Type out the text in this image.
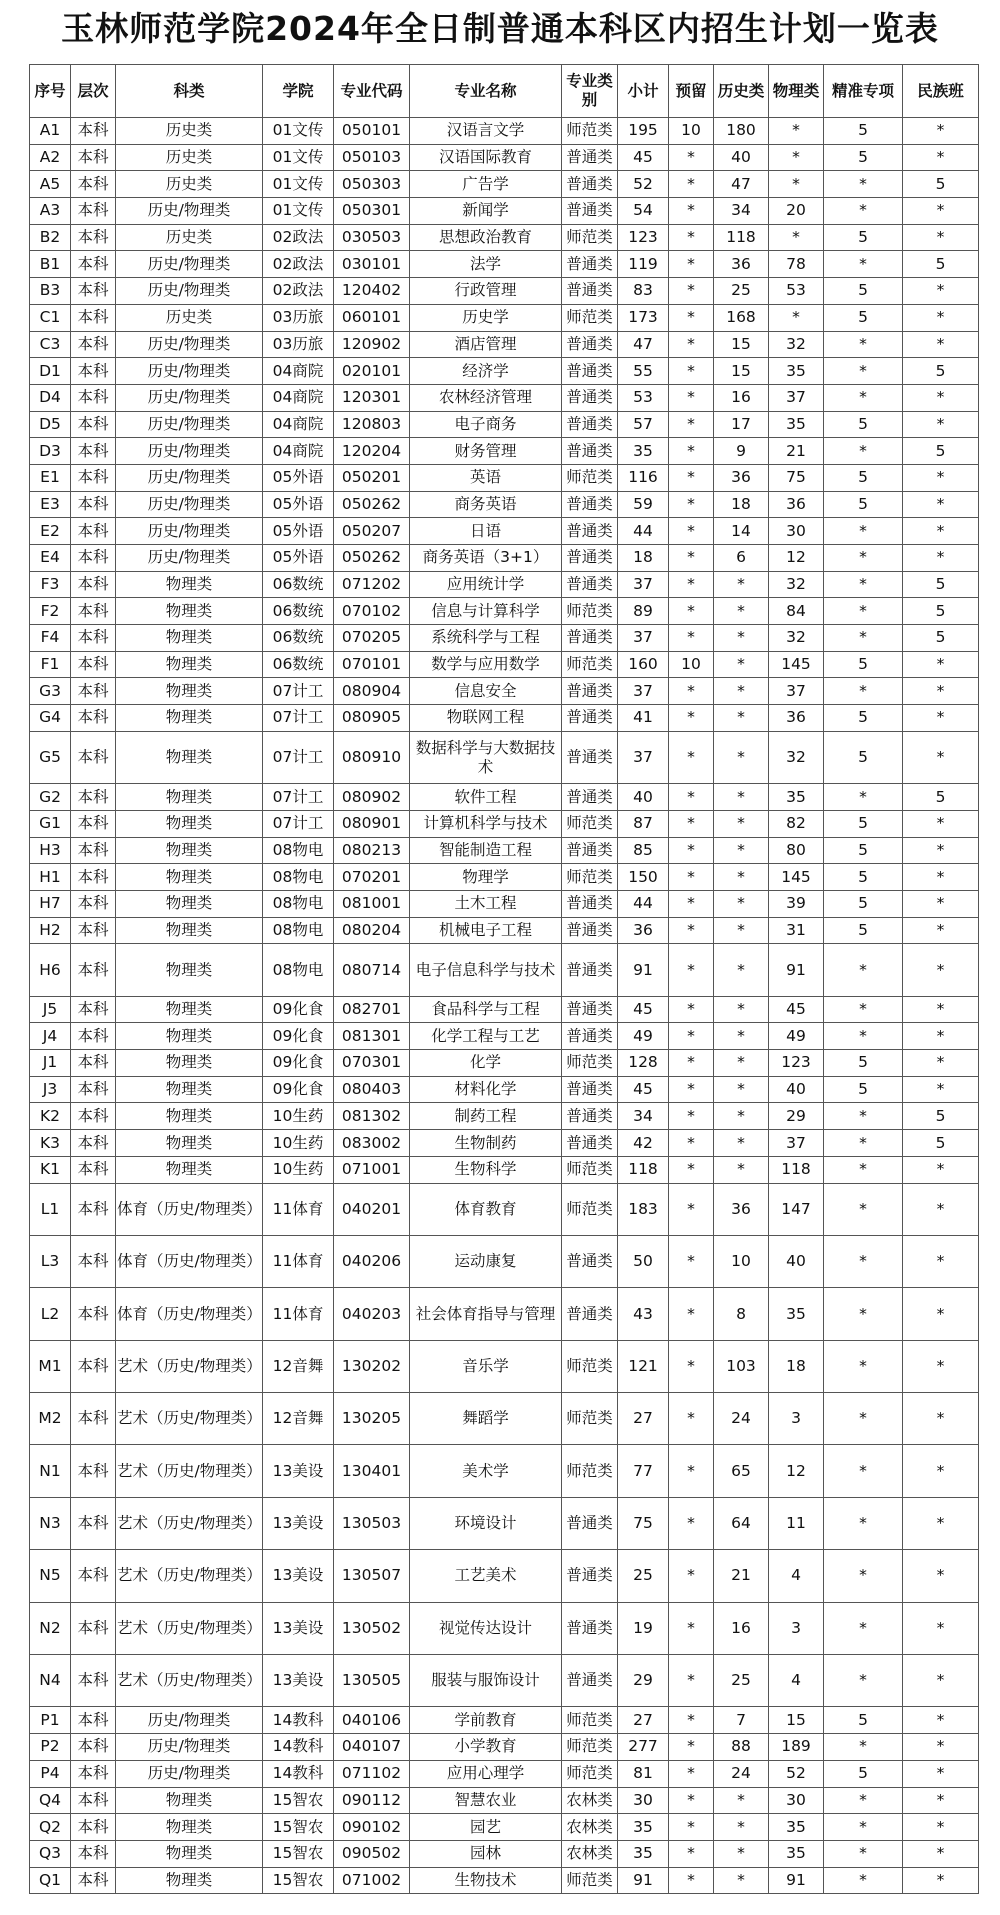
玉林师范学院2024年全日制普通本科区内招生计划一览表
序号	层次	科类	学院	专业代码	专业名称	专业类别	小计	预留	历史类	物理类	精准专项	民族班
A1	本科	历史类	01文传	050101	汉语言文学	师范类	195	10	180	*	5	*
A2	本科	历史类	01文传	050103	汉语国际教育	普通类	45	*	40	*	5	*
A5	本科	历史类	01文传	050303	广告学	普通类	52	*	47	*	*	5
A3	本科	历史/物理类	01文传	050301	新闻学	普通类	54	*	34	20	*	*
B2	本科	历史类	02政法	030503	思想政治教育	师范类	123	*	118	*	5	*
B1	本科	历史/物理类	02政法	030101	法学	普通类	119	*	36	78	*	5
B3	本科	历史/物理类	02政法	120402	行政管理	普通类	83	*	25	53	5	*
C1	本科	历史类	03历旅	060101	历史学	师范类	173	*	168	*	5	*
C3	本科	历史/物理类	03历旅	120902	酒店管理	普通类	47	*	15	32	*	*
D1	本科	历史/物理类	04商院	020101	经济学	普通类	55	*	15	35	*	5
D4	本科	历史/物理类	04商院	120301	农林经济管理	普通类	53	*	16	37	*	*
D5	本科	历史/物理类	04商院	120803	电子商务	普通类	57	*	17	35	5	*
D3	本科	历史/物理类	04商院	120204	财务管理	普通类	35	*	9	21	*	5
E1	本科	历史/物理类	05外语	050201	英语	师范类	116	*	36	75	5	*
E3	本科	历史/物理类	05外语	050262	商务英语	普通类	59	*	18	36	5	*
E2	本科	历史/物理类	05外语	050207	日语	普通类	44	*	14	30	*	*
E4	本科	历史/物理类	05外语	050262	商务英语（3+1）	普通类	18	*	6	12	*	*
F3	本科	物理类	06数统	071202	应用统计学	普通类	37	*	*	32	*	5
F2	本科	物理类	06数统	070102	信息与计算科学	师范类	89	*	*	84	*	5
F4	本科	物理类	06数统	070205	系统科学与工程	普通类	37	*	*	32	*	5
F1	本科	物理类	06数统	070101	数学与应用数学	师范类	160	10	*	145	5	*
G3	本科	物理类	07计工	080904	信息安全	普通类	37	*	*	37	*	*
G4	本科	物理类	07计工	080905	物联网工程	普通类	41	*	*	36	5	*
G5	本科	物理类	07计工	080910	数据科学与大数据技术	普通类	37	*	*	32	5	*
G2	本科	物理类	07计工	080902	软件工程	普通类	40	*	*	35	*	5
G1	本科	物理类	07计工	080901	计算机科学与技术	师范类	87	*	*	82	5	*
H3	本科	物理类	08物电	080213	智能制造工程	普通类	85	*	*	80	5	*
H1	本科	物理类	08物电	070201	物理学	师范类	150	*	*	145	5	*
H7	本科	物理类	08物电	081001	土木工程	普通类	44	*	*	39	5	*
H2	本科	物理类	08物电	080204	机械电子工程	普通类	36	*	*	31	5	*
H6	本科	物理类	08物电	080714	电子信息科学与技术	普通类	91	*	*	91	*	*
J5	本科	物理类	09化食	082701	食品科学与工程	普通类	45	*	*	45	*	*
J4	本科	物理类	09化食	081301	化学工程与工艺	普通类	49	*	*	49	*	*
J1	本科	物理类	09化食	070301	化学	师范类	128	*	*	123	5	*
J3	本科	物理类	09化食	080403	材料化学	普通类	45	*	*	40	5	*
K2	本科	物理类	10生药	081302	制药工程	普通类	34	*	*	29	*	5
K3	本科	物理类	10生药	083002	生物制药	普通类	42	*	*	37	*	5
K1	本科	物理类	10生药	071001	生物科学	师范类	118	*	*	118	*	*
L1	本科	体育（历史/物理类）	11体育	040201	体育教育	师范类	183	*	36	147	*	*
L3	本科	体育（历史/物理类）	11体育	040206	运动康复	普通类	50	*	10	40	*	*
L2	本科	体育（历史/物理类）	11体育	040203	社会体育指导与管理	普通类	43	*	8	35	*	*
M1	本科	艺术（历史/物理类）	12音舞	130202	音乐学	师范类	121	*	103	18	*	*
M2	本科	艺术（历史/物理类）	12音舞	130205	舞蹈学	师范类	27	*	24	3	*	*
N1	本科	艺术（历史/物理类）	13美设	130401	美术学	师范类	77	*	65	12	*	*
N3	本科	艺术（历史/物理类）	13美设	130503	环境设计	普通类	75	*	64	11	*	*
N5	本科	艺术（历史/物理类）	13美设	130507	工艺美术	普通类	25	*	21	4	*	*
N2	本科	艺术（历史/物理类）	13美设	130502	视觉传达设计	普通类	19	*	16	3	*	*
N4	本科	艺术（历史/物理类）	13美设	130505	服装与服饰设计	普通类	29	*	25	4	*	*
P1	本科	历史/物理类	14教科	040106	学前教育	师范类	27	*	7	15	5	*
P2	本科	历史/物理类	14教科	040107	小学教育	师范类	277	*	88	189	*	*
P4	本科	历史/物理类	14教科	071102	应用心理学	师范类	81	*	24	52	5	*
Q4	本科	物理类	15智农	090112	智慧农业	农林类	30	*	*	30	*	*
Q2	本科	物理类	15智农	090102	园艺	农林类	35	*	*	35	*	*
Q3	本科	物理类	15智农	090502	园林	农林类	35	*	*	35	*	*
Q1	本科	物理类	15智农	071002	生物技术	师范类	91	*	*	91	*	*
